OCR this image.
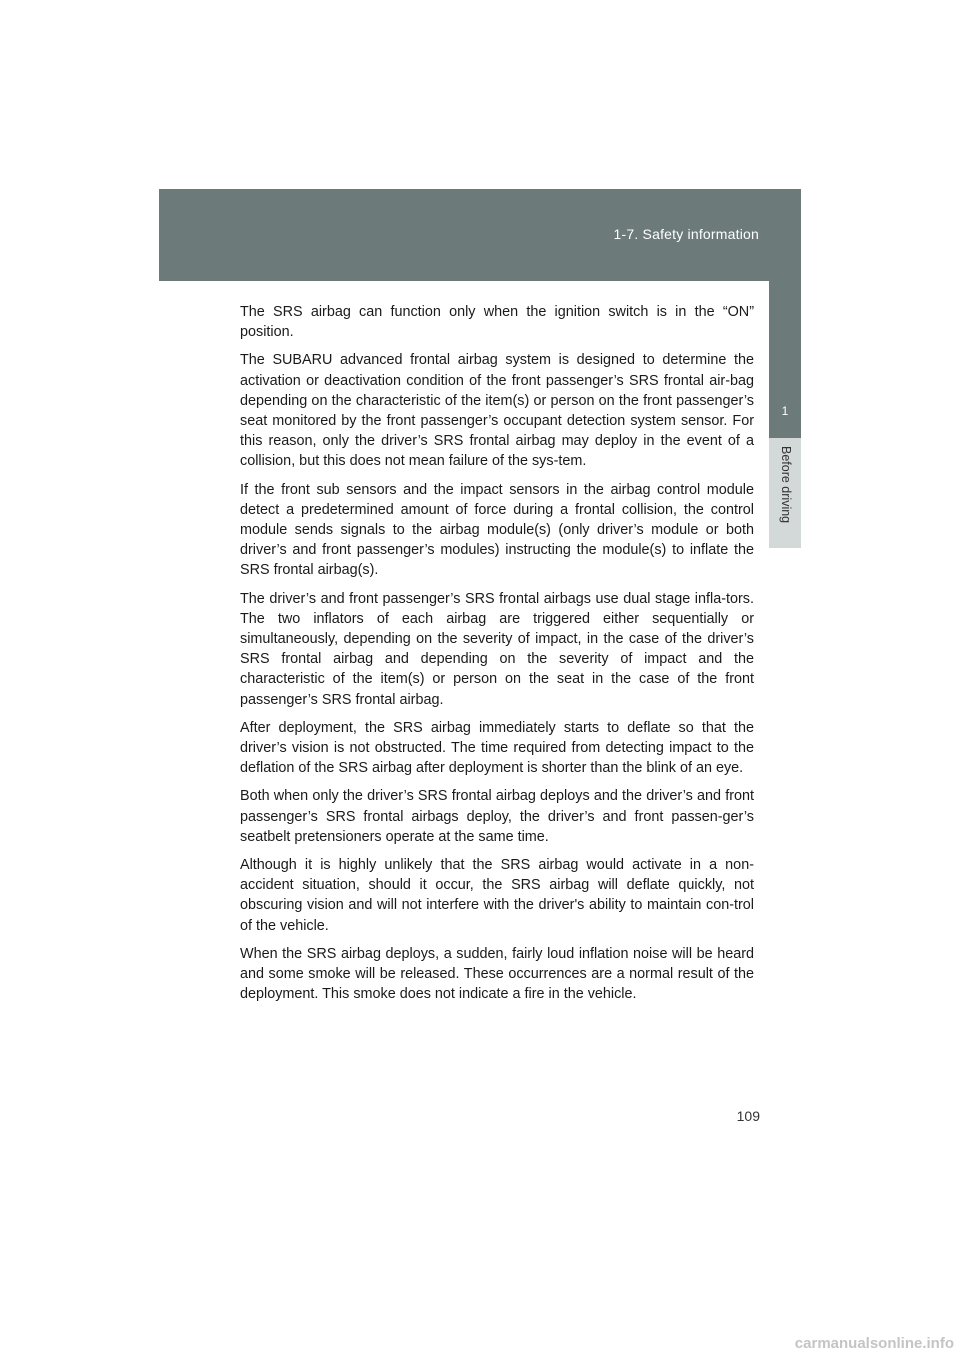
1-7. Safety information
1
Before driving

The SRS airbag can function only when the ignition switch is in the “ON” position.

The SUBARU advanced frontal airbag system is designed to determine the activation or deactivation condition of the front passenger’s SRS frontal air-bag depending on the characteristic of the item(s) or person on the front passenger’s seat monitored by the front passenger’s occupant detection system sensor. For this reason, only the driver’s SRS frontal airbag may deploy in the event of a collision, but this does not mean failure of the sys-tem.

If the front sub sensors and the impact sensors in the airbag control module detect a predetermined amount of force during a frontal collision, the control module sends signals to the airbag module(s) (only driver’s module or both driver’s and front passenger’s modules) instructing the module(s) to inflate the SRS frontal airbag(s).

The driver’s and front passenger’s SRS frontal airbags use dual stage infla-tors. The two inflators of each airbag are triggered either sequentially or simultaneously, depending on the severity of impact, in the case of the driver’s SRS frontal airbag and depending on the severity of impact and the characteristic of the item(s) or person on the seat in the case of the front passenger’s SRS frontal airbag.

After deployment, the SRS airbag immediately starts to deflate so that the driver’s vision is not obstructed. The time required from detecting impact to the deflation of the SRS airbag after deployment is shorter than the blink of an eye.

Both when only the driver’s SRS frontal airbag deploys and the driver’s and front passenger’s SRS frontal airbags deploy, the driver’s and front passen-ger’s seatbelt pretensioners operate at the same time.

Although it is highly unlikely that the SRS airbag would activate in a non-accident situation, should it occur, the SRS airbag will deflate quickly, not obscuring vision and will not interfere with the driver's ability to maintain con-trol of the vehicle.

When the SRS airbag deploys, a sudden, fairly loud inflation noise will be heard and some smoke will be released. These occurrences are a normal result of the deployment. This smoke does not indicate a fire in the vehicle.

109
carmanualsonline.info
